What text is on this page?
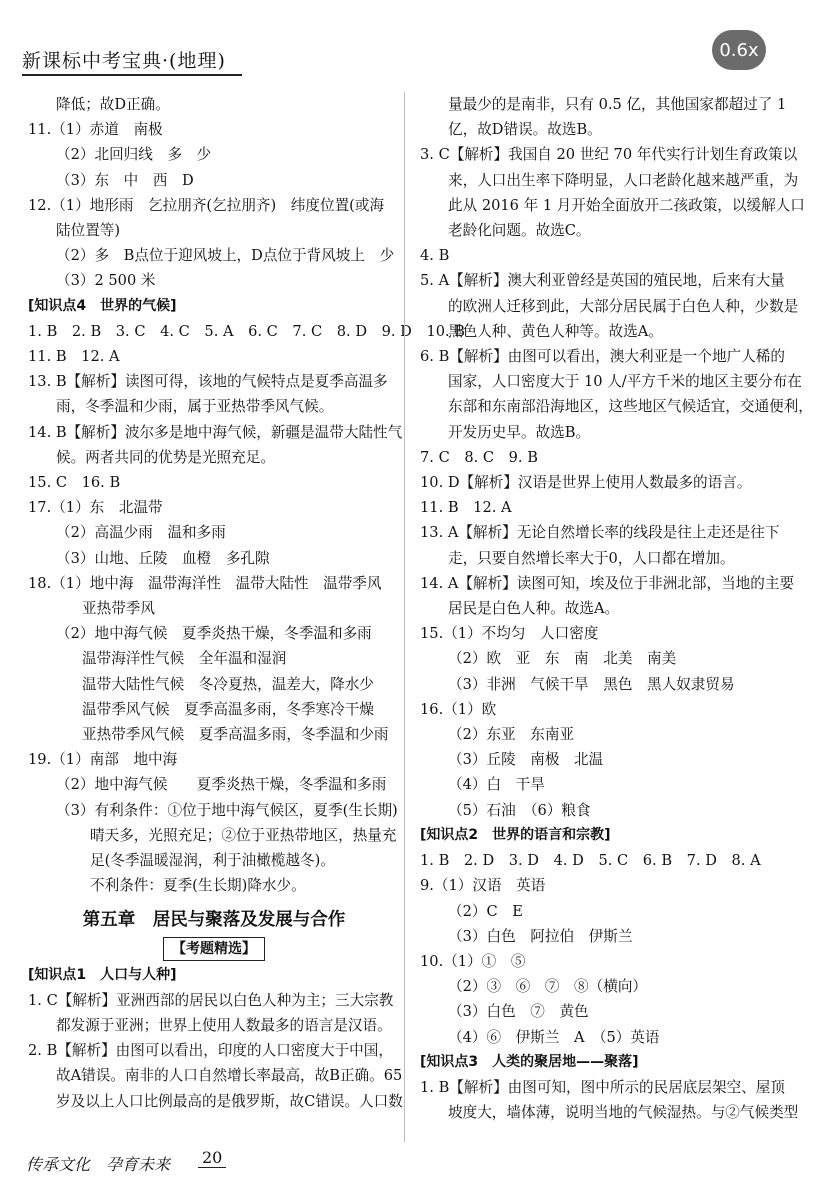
新课标中考宝典·(地理)	0.6x
降低；故D正确。
11.（1）赤道　南极
（2）北回归线　多　少
（3）东　中　西　D
12.（1）地形雨　乞拉朋齐(乞拉朋齐)　纬度位置(或海
陆位置等)
（2）多　B点位于迎风坡上，D点位于背风坡上　少
（3）2 500 米
[知识点4　世界的气候]
1. B　2. B　3. C　4. C　5. A　6. C　7. C　8. D　9. D　10. B
11. B　12. A
13. B【解析】读图可得，该地的气候特点是夏季高温多
雨，冬季温和少雨，属于亚热带季风气候。
14. B【解析】波尔多是地中海气候，新疆是温带大陆性气
候。两者共同的优势是光照充足。
15. C　16. B
17.（1）东　北温带
（2）高温少雨　温和多雨
（3）山地、丘陵　血橙　多孔隙
18.（1）地中海　温带海洋性　温带大陆性　温带季风
亚热带季风
（2）地中海气候　夏季炎热干燥，冬季温和多雨
温带海洋性气候　全年温和湿润
温带大陆性气候　冬冷夏热，温差大，降水少
温带季风气候　夏季高温多雨，冬季寒冷干燥
亚热带季风气候　夏季高温多雨，冬季温和少雨
19.（1）南部　地中海
（2）地中海气候　　夏季炎热干燥，冬季温和多雨
（3）有利条件：①位于地中海气候区，夏季(生长期)
晴天多，光照充足；②位于亚热带地区，热量充
足(冬季温暖湿润，利于油橄榄越冬)。
不利条件：夏季(生长期)降水少。
第五章　居民与聚落及发展与合作
【考题精选】
[知识点1　人口与人种]
1. C【解析】亚洲西部的居民以白色人种为主；三大宗教
都发源于亚洲；世界上使用人数最多的语言是汉语。
2. B【解析】由图可以看出，印度的人口密度大于中国，
故A错误。南非的人口自然增长率最高，故B正确。65
岁及以上人口比例最高的是俄罗斯，故C错误。人口数
量最少的是南非，只有 0.5 亿，其他国家都超过了 1
亿，故D错误。故选B。
3. C【解析】我国自 20 世纪 70 年代实行计划生育政策以
来，人口出生率下降明显，人口老龄化越来越严重，为
此从 2016 年 1 月开始全面放开二孩政策，以缓解人口
老龄化问题。故选C。
4. B
5. A【解析】澳大利亚曾经是英国的殖民地，后来有大量
的欧洲人迁移到此，大部分居民属于白色人种，少数是
黑色人种、黄色人种等。故选A。
6. B【解析】由图可以看出，澳大利亚是一个地广人稀的
国家，人口密度大于 10 人/平方千米的地区主要分布在
东部和东南部沿海地区，这些地区气候适宜，交通便利，
开发历史早。故选B。
7. C　8. C　9. B
10. D【解析】汉语是世界上使用人数最多的语言。
11. B　12. A
13. A【解析】无论自然增长率的线段是往上走还是往下
走，只要自然增长率大于0，人口都在增加。
14. A【解析】读图可知，埃及位于非洲北部，当地的主要
居民是白色人种。故选A。
15.（1）不均匀　人口密度
（2）欧　亚　东　南　北美　南美
（3）非洲　气候干旱　黑色　黑人奴隶贸易
16.（1）欧
（2）东亚　东南亚
（3）丘陵　南极　北温
（4）白　干旱
（5）石油　（6）粮食
[知识点2　世界的语言和宗教]
1. B　2. D　3. D　4. D　5. C　6. B　7. D　8. A
9.（1）汉语　英语
（2）C　E
（3）白色　阿拉伯　伊斯兰
10.（1）①　⑤
（2）③　⑥　⑦　⑧（横向）
（3）白色　⑦　黄色
（4）⑥　伊斯兰　A　（5）英语
[知识点3　人类的聚居地——聚落]
1. B【解析】由图可知，图中所示的民居底层架空、屋顶
坡度大，墙体薄，说明当地的气候湿热。与②气候类型
传承文化　孕育未来 20
